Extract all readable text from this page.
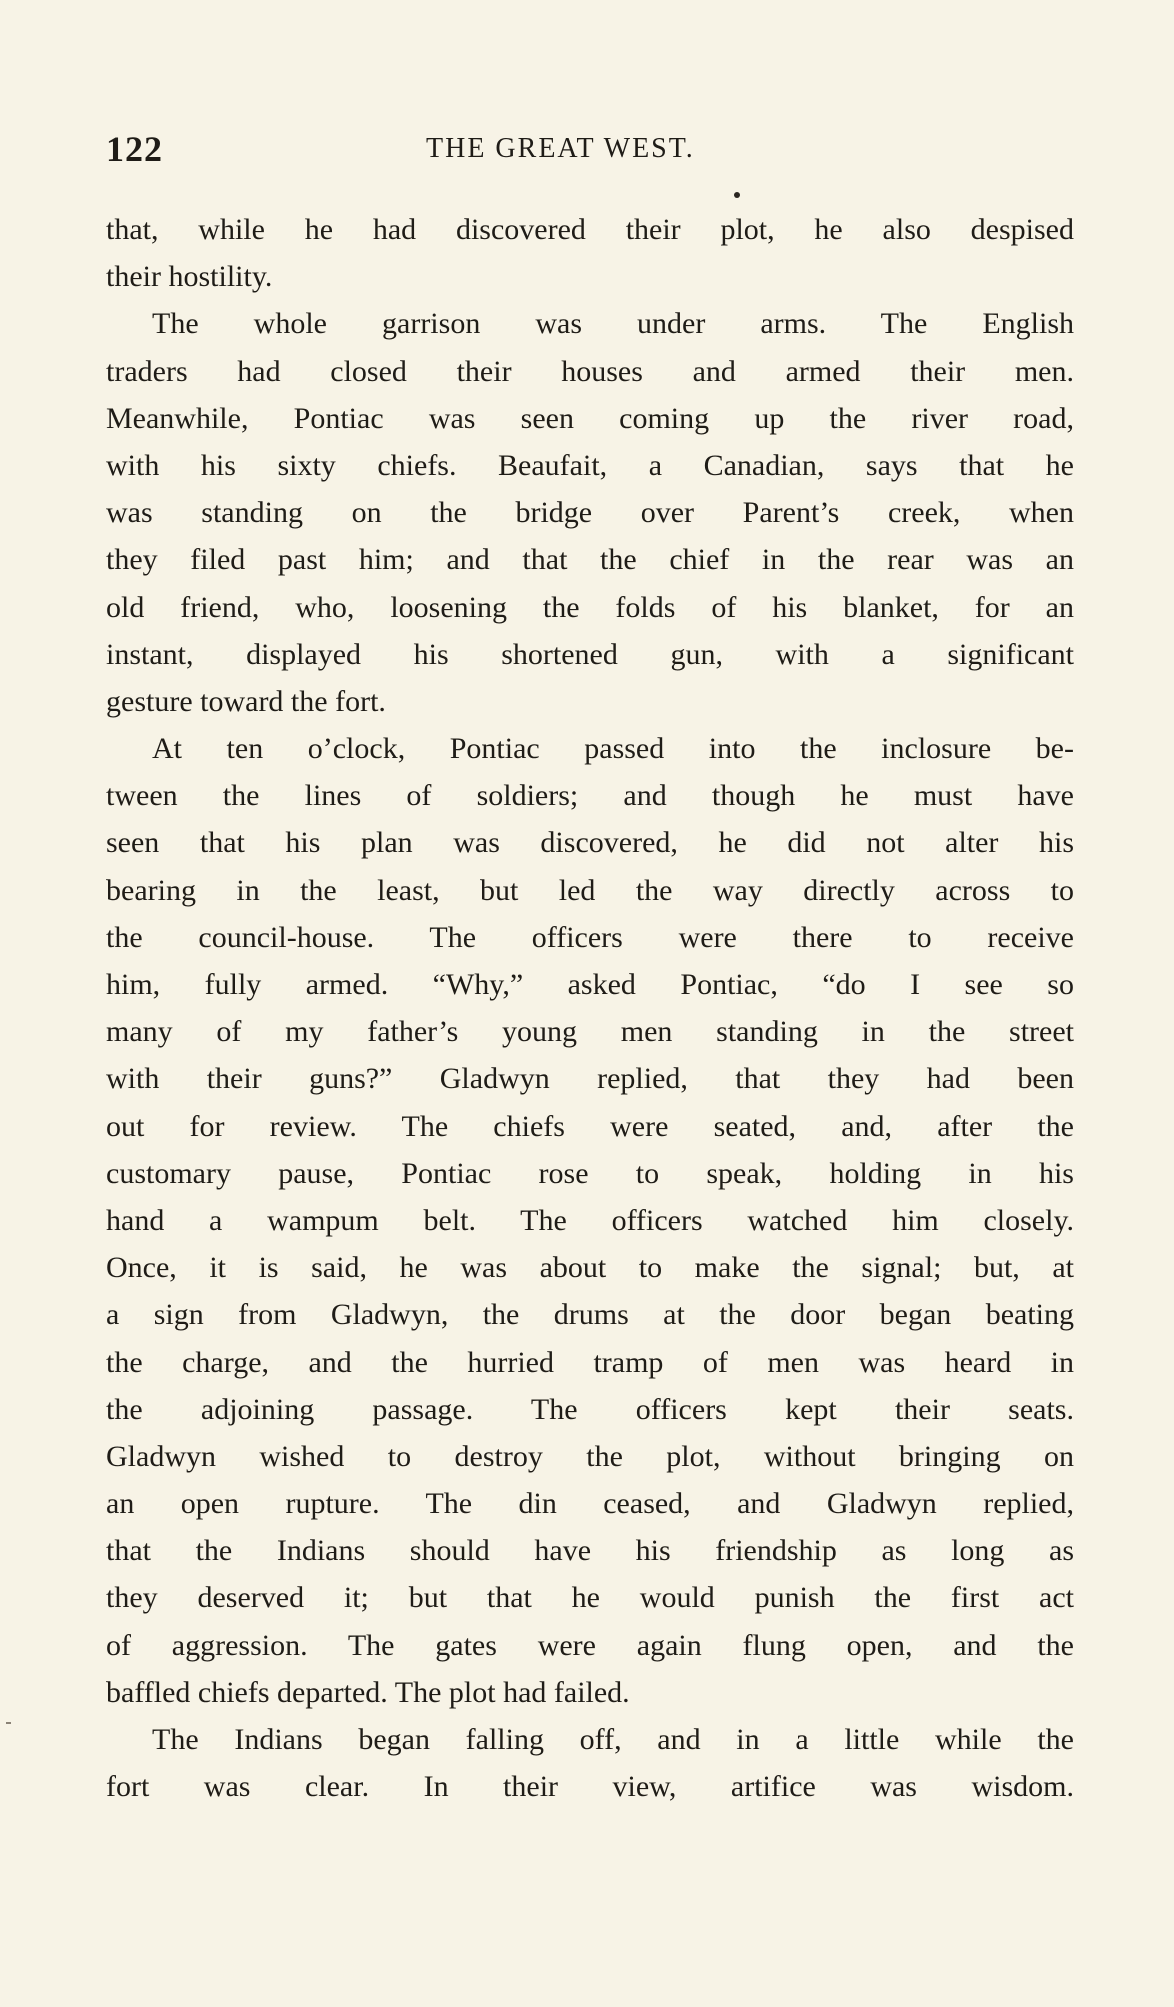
122	THE GREAT WEST.
that, while he had discovered their plot, he also despised
their hostility.
The whole garrison was under arms. The English
traders had closed their houses and armed their men.
Meanwhile, Pontiac was seen coming up the river road,
with his sixty chiefs. Beaufait, a Canadian, says that he
was standing on the bridge over Parent’s creek, when
they filed past him; and that the chief in the rear was an
old friend, who, loosening the folds of his blanket, for an
instant, displayed his shortened gun, with a significant
gesture toward the fort.
At ten o’clock, Pontiac passed into the inclosure be-
tween the lines of soldiers; and though he must have
seen that his plan was discovered, he did not alter his
bearing in the least, but led the way directly across to
the council-house. The officers were there to receive
him, fully armed. “Why,” asked Pontiac, “do I see so
many of my father’s young men standing in the street
with their guns?” Gladwyn replied, that they had been
out for review. The chiefs were seated, and, after the
customary pause, Pontiac rose to speak, holding in his
hand a wampum belt. The officers watched him closely.
Once, it is said, he was about to make the signal; but, at
a sign from Gladwyn, the drums at the door began beating
the charge, and the hurried tramp of men was heard in
the adjoining passage. The officers kept their seats.
Gladwyn wished to destroy the plot, without bringing on
an open rupture. The din ceased, and Gladwyn replied,
that the Indians should have his friendship as long as
they deserved it; but that he would punish the first act
of aggression. The gates were again flung open, and the
baffled chiefs departed. The plot had failed.
The Indians began falling off, and in a little while the
fort was clear. In their view, artifice was wisdom.
